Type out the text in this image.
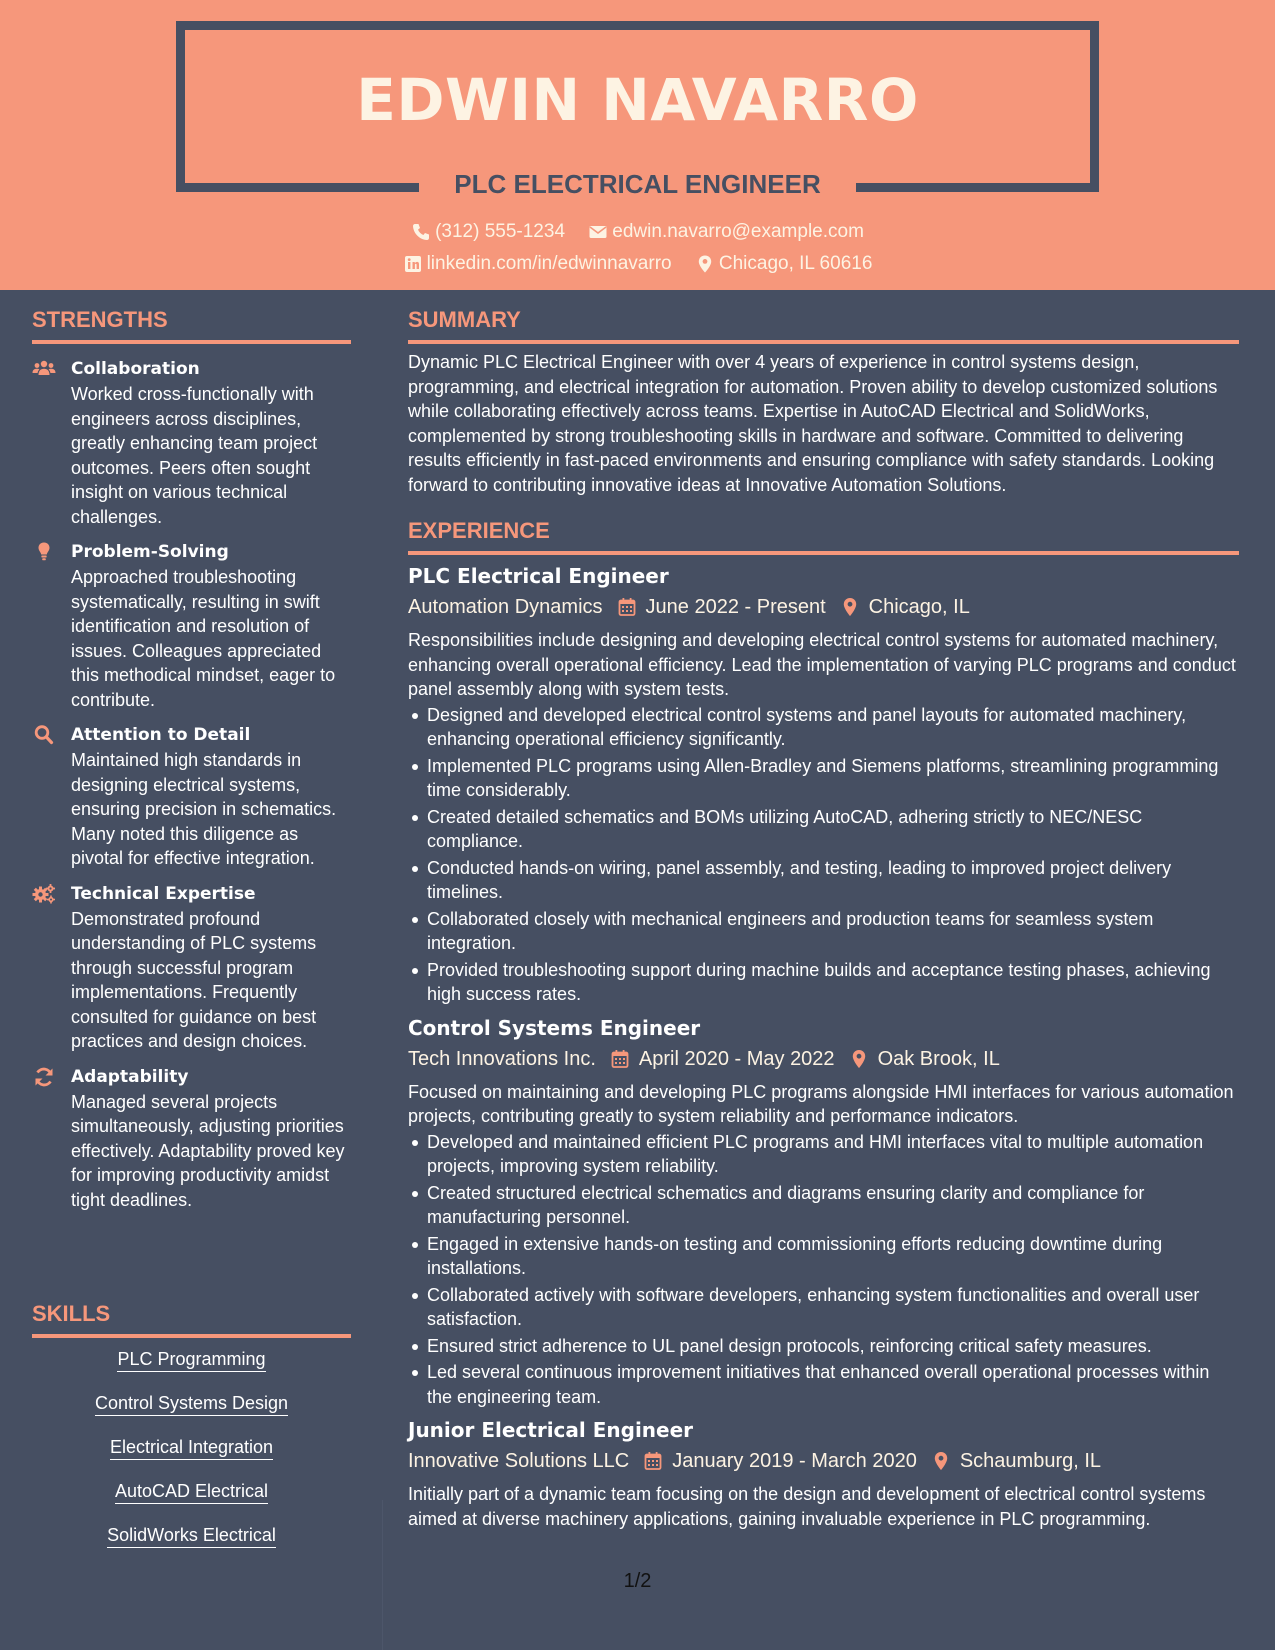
EDWIN NAVARRO
PLC ELECTRICAL ENGINEER
(312) 555-1234
edwin.navarro@example.com
linkedin.com/in/edwinnavarro
Chicago, IL 60616
STRENGTHS
Collaboration
Worked cross-functionally with engineers across disciplines, greatly enhancing team project outcomes. Peers often sought insight on various technical challenges.
Problem-Solving
Approached troubleshooting systematically, resulting in swift identification and resolution of issues. Colleagues appreciated this methodical mindset, eager to contribute.
Attention to Detail
Maintained high standards in designing electrical systems, ensuring precision in schematics. Many noted this diligence as pivotal for effective integration.
Technical Expertise
Demonstrated profound understanding of PLC systems through successful program implementations. Frequently consulted for guidance on best practices and design choices.
Adaptability
Managed several projects simultaneously, adjusting priorities effectively. Adaptability proved key for improving productivity amidst tight deadlines.
SKILLS
PLC Programming
Control Systems Design
Electrical Integration
AutoCAD Electrical
SolidWorks Electrical
SUMMARY
Dynamic PLC Electrical Engineer with over 4 years of experience in control systems design, programming, and electrical integration for automation. Proven ability to develop customized solutions while collaborating effectively across teams. Expertise in AutoCAD Electrical and SolidWorks, complemented by strong troubleshooting skills in hardware and software. Committed to delivering results efficiently in fast-paced environments and ensuring compliance with safety standards. Looking forward to contributing innovative ideas at Innovative Automation Solutions.
EXPERIENCE
PLC Electrical Engineer
Automation Dynamics June 2022 - Present Chicago, IL
Responsibilities include designing and developing electrical control systems for automated machinery, enhancing overall operational efficiency. Lead the implementation of varying PLC programs and conduct panel assembly along with system tests.
Designed and developed electrical control systems and panel layouts for automated machinery, enhancing operational efficiency significantly.
Implemented PLC programs using Allen-Bradley and Siemens platforms, streamlining programming time considerably.
Created detailed schematics and BOMs utilizing AutoCAD, adhering strictly to NEC/NESC compliance.
Conducted hands-on wiring, panel assembly, and testing, leading to improved project delivery timelines.
Collaborated closely with mechanical engineers and production teams for seamless system integration.
Provided troubleshooting support during machine builds and acceptance testing phases, achieving high success rates.
Control Systems Engineer
Tech Innovations Inc. April 2020 - May 2022 Oak Brook, IL
Focused on maintaining and developing PLC programs alongside HMI interfaces for various automation projects, contributing greatly to system reliability and performance indicators.
Developed and maintained efficient PLC programs and HMI interfaces vital to multiple automation projects, improving system reliability.
Created structured electrical schematics and diagrams ensuring clarity and compliance for manufacturing personnel.
Engaged in extensive hands-on testing and commissioning efforts reducing downtime during installations.
Collaborated actively with software developers, enhancing system functionalities and overall user satisfaction.
Ensured strict adherence to UL panel design protocols, reinforcing critical safety measures.
Led several continuous improvement initiatives that enhanced overall operational processes within the engineering team.
Junior Electrical Engineer
Innovative Solutions LLC January 2019 - March 2020 Schaumburg, IL
Initially part of a dynamic team focusing on the design and development of electrical control systems aimed at diverse machinery applications, gaining invaluable experience in PLC programming.
1/2
